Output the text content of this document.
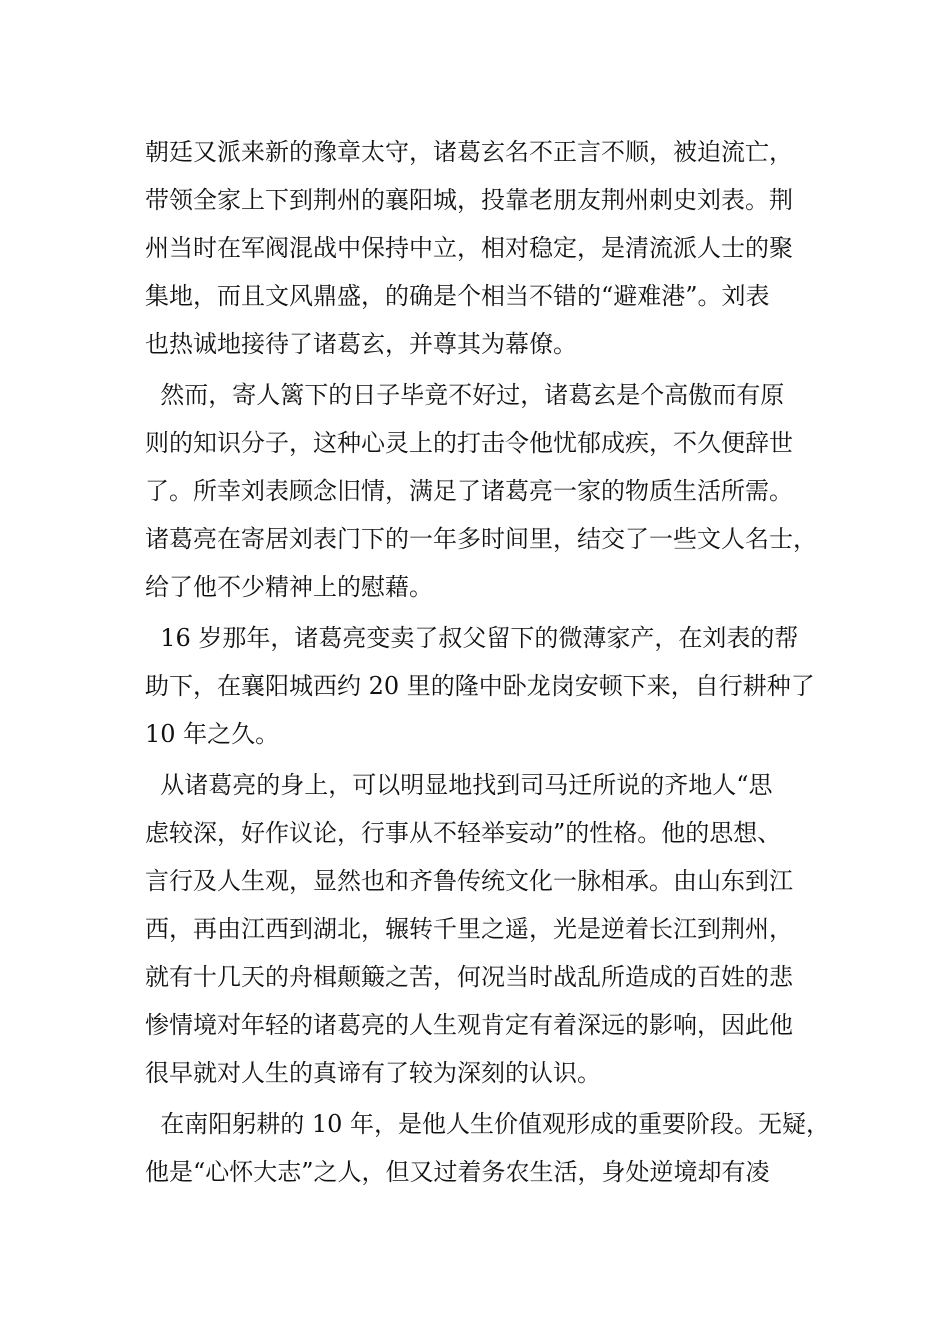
朝廷又派来新的豫章太守，诸葛玄名不正言不顺，被迫流亡，
带领全家上下到荆州的襄阳城，投靠老朋友荆州刺史刘表。荆
州当时在军阀混战中保持中立，相对稳定，是清流派人士的聚
集地，而且文风鼎盛，的确是个相当不错的“避难港”。刘表
也热诚地接待了诸葛玄，并尊其为幕僚。
然而，寄人篱下的日子毕竟不好过，诸葛玄是个高傲而有原
则的知识分子，这种心灵上的打击令他忧郁成疾，不久便辞世
了。所幸刘表顾念旧情，满足了诸葛亮一家的物质生活所需。
诸葛亮在寄居刘表门下的一年多时间里，结交了一些文人名士，
给了他不少精神上的慰藉。
16 岁那年，诸葛亮变卖了叔父留下的微薄家产，在刘表的帮
助下，在襄阳城西约 20 里的隆中卧龙岗安顿下来，自行耕种了
10 年之久。
从诸葛亮的身上，可以明显地找到司马迁所说的齐地人“思
虑较深，好作议论，行事从不轻举妄动”的性格。他的思想、
言行及人生观，显然也和齐鲁传统文化一脉相承。由山东到江
西，再由江西到湖北，辗转千里之遥，光是逆着长江到荆州，
就有十几天的舟楫颠簸之苦，何况当时战乱所造成的百姓的悲
惨情境对年轻的诸葛亮的人生观肯定有着深远的影响，因此他
很早就对人生的真谛有了较为深刻的认识。
在南阳躬耕的 10 年，是他人生价值观形成的重要阶段。无疑，
他是“心怀大志”之人，但又过着务农生活，身处逆境却有凌
